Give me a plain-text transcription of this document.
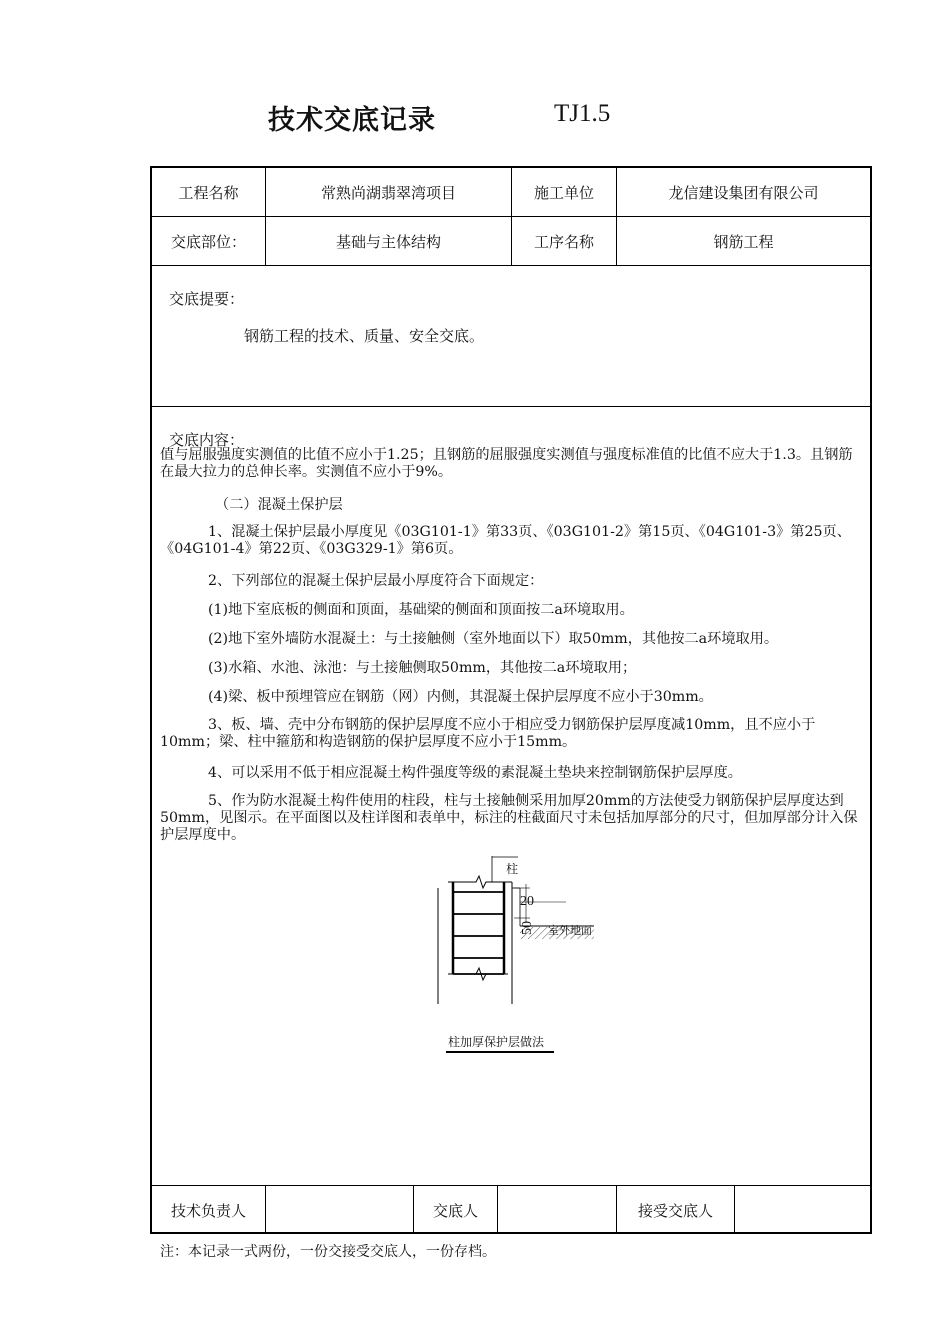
技术交底记录	TJ1.5
工程名称	常熟尚湖翡翠湾项目	施工单位	龙信建设集团有限公司
交底部位：	基础与主体结构	工序名称	钢筋工程
交底提要：
钢筋工程的技术、质量、安全交底。
交底内容：
值与屈服强度实测值的比值不应小于1.25；且钢筋的屈服强度实测值与强度标准值的比值不应大于1.3。且钢筋在最大拉力的总伸长率。实测值不应小于9%。
（二）混凝土保护层
1、混凝土保护层最小厚度见《03G101-1》第33页、《03G101-2》第15页、《04G101-3》第25页、《04G101-4》第22页、《03G329-1》第6页。
2、下列部位的混凝土保护层最小厚度符合下面规定：
(1)地下室底板的侧面和顶面，基础梁的侧面和顶面按二a环境取用。
(2)地下室外墙防水混凝土：与土接触侧（室外地面以下）取50mm，其他按二a环境取用。
(3)水箱、水池、泳池：与土接触侧取50mm，其他按二a环境取用；
(4)梁、板中预埋管应在钢筋（网）内侧，其混凝土保护层厚度不应小于30mm。
3、板、墙、壳中分布钢筋的保护层厚度不应小于相应受力钢筋保护层厚度减10mm，且不应小于10mm；梁、柱中箍筋和构造钢筋的保护层厚度不应小于15mm。
4、可以采用不低于相应混凝土构件强度等级的素混凝土垫块来控制钢筋保护层厚度。
5、作为防水混凝土构件使用的柱段，柱与土接触侧采用加厚20mm的方法使受力钢筋保护层厚度达到50mm，见图示。在平面图以及柱详图和表单中，标注的柱截面尺寸未包括加厚部分的尺寸，但加厚部分计入保护层厚度中。
柱
20
50 室外地面
柱加厚保护层做法
技术负责人	交底人	接受交底人
注：本记录一式两份，一份交接受交底人，一份存档。
